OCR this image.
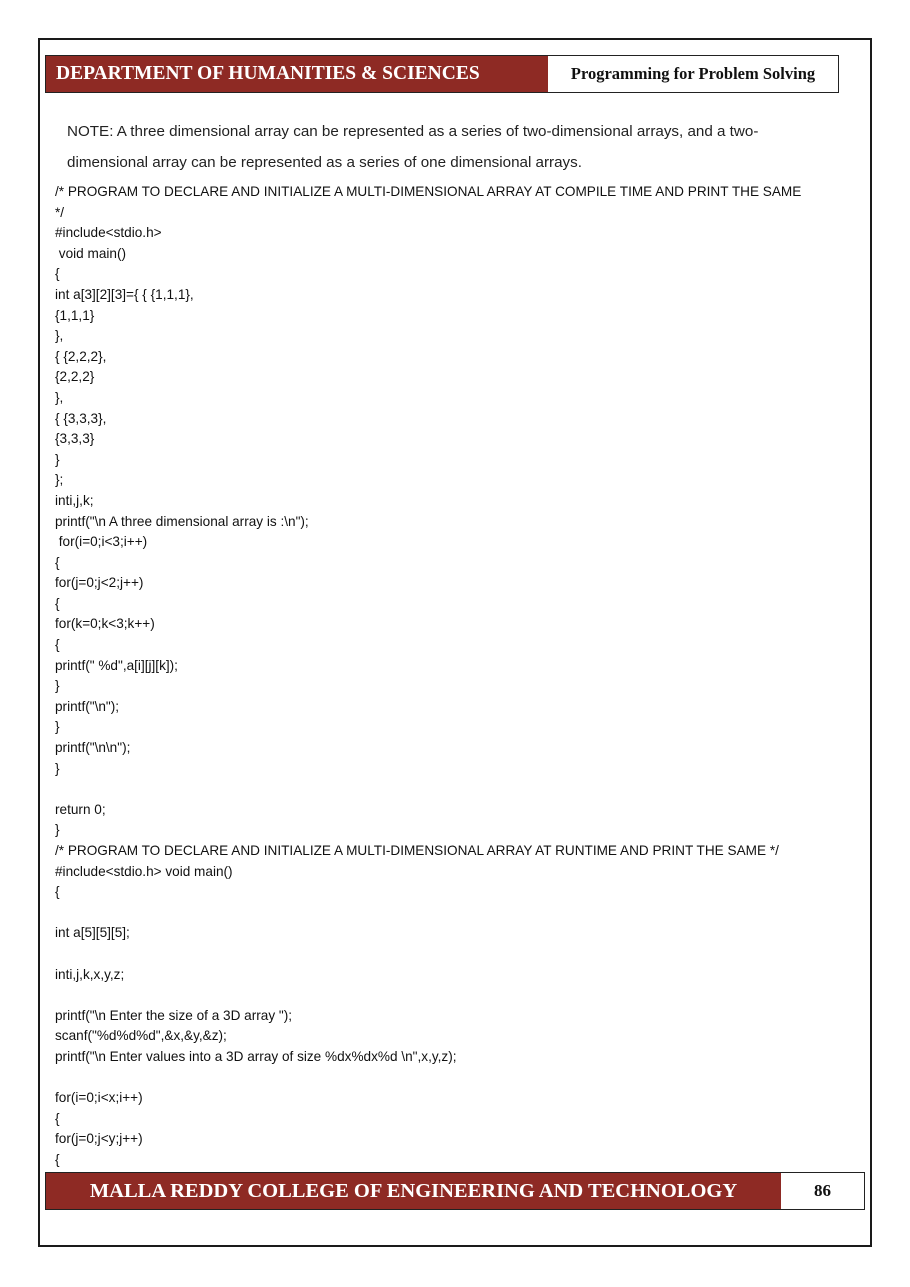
DEPARTMENT OF HUMANITIES & SCIENCES	Programming for Problem Solving
NOTE: A three dimensional array can be represented as a series of two-dimensional arrays, and a two-dimensional array can be represented as a series of one dimensional arrays.
/* PROGRAM TO DECLARE AND INITIALIZE A MULTI-DIMENSIONAL ARRAY AT COMPILE TIME AND PRINT THE SAME
*/
#include<stdio.h>
void main()
{
int a[3][2][3]={ { {1,1,1},
{1,1,1}
},
{ {2,2,2},
{2,2,2}
},
{ {3,3,3},
{3,3,3}
}
};
inti,j,k;
printf("\n A three dimensional array is :\n");
for(i=0;i<3;i++)
{
for(j=0;j<2;j++)
{
for(k=0;k<3;k++)
{
printf(" %d",a[i][j][k]);
}
printf("\n");
}
printf("\n\n");
}

return 0;
}
/* PROGRAM TO DECLARE AND INITIALIZE A MULTI-DIMENSIONAL ARRAY AT RUNTIME AND PRINT THE SAME */
#include<stdio.h> void main()
{

int a[5][5][5];

inti,j,k,x,y,z;

printf("\n Enter the size of a 3D array ");
scanf("%d%d%d",&x,&y,&z);
printf("\n Enter values into a 3D array of size %dx%dx%d \n",x,y,z);

for(i=0;i<x;i++)
{
for(j=0;j<y;j++)
{
MALLA REDDY COLLEGE OF ENGINEERING AND TECHNOLOGY	86
